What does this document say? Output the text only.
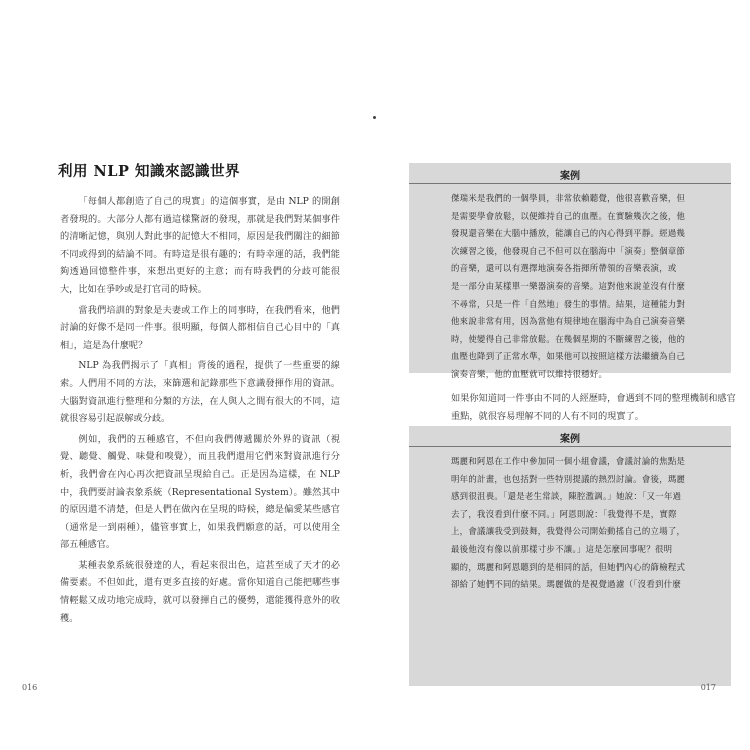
利用 NLP 知識來認識世界

「每個人都創造了自己的現實」的這個事實，是由 NLP 的開創者發現的。大部分人都有過這樣驚訝的發現，那就是我們對某個事件的清晰記憶，與別人對此事的記憶大不相同，原因是我們關注的細節不同或得到的結論不同。有時這是很有趣的；有時幸運的話，我們能夠透過回憶整件事，來想出更好的主意；而有時我們的分歧可能很大，比如在爭吵或是打官司的時候。

當我們培訓的對象是夫妻或工作上的同事時，在我們看來，他們討論的好像不是同一件事。很明顯，每個人都相信自己心目中的「真相」，這是為什麼呢？

NLP 為我們揭示了「真相」背後的過程，提供了一些重要的線索。人們用不同的方法，來篩選和記錄那些下意識發揮作用的資訊。大腦對資訊進行整理和分類的方法，在人與人之間有很大的不同，這就很容易引起誤解或分歧。

例如，我們的五種感官，不但向我們傳遞關於外界的資訊（視覺、聽覺、觸覺、味覺和嗅覺），而且我們還用它們來對資訊進行分析，我們會在內心再次把資訊呈現給自己。正是因為這樣，在 NLP 中，我們要討論表象系統（Representational System）。雖然其中的原因還不清楚，但是人們在做內在呈現的時候，總是偏愛某些感官（通常是一到兩種），儘管事實上，如果我們願意的話，可以使用全部五種感官。

某種表象系統很發達的人，看起來很出色，這甚至成了天才的必備要素。不但如此，還有更多直接的好處。當你知道自己能把哪些事情輕鬆又成功地完成時，就可以發揮自己的優勢，還能獲得意外的收穫。

016
案例
傑瑞米是我們的一個學員，非常依賴聽覺，他很喜歡音樂，但
是需要學會放鬆，以便維持自己的血壓。在實驗幾次之後，他
發現還音樂在大腦中播放，能讓自己的內心得到平靜。經過幾
次練習之後，他發現自己不但可以在腦海中「演奏」整個章節
的音樂，還可以有選擇地演奏各指揮所帶領的音樂表演，或
是一部分由某樣單一樂器演奏的音樂。這對他來說並沒有什麼
不尋常，只是一件「自然地」發生的事情。結果，這種能力對
他來說非常有用，因為當他有規律地在腦海中為自己演奏音樂
時，使變得自己非常放鬆。在幾個星期的不斷練習之後，他的
血壓也降到了正常水準，如果他可以按照這樣方法繼續為自己
演奏音樂，他的血壓就可以維持很穩好。

如果你知道同一件事由不同的人經歷時，會遇到不同的整理機制和感官重點，就很容易理解不同的人有不同的現實了。

案例
瑪麗和阿恩在工作中參加同一個小組會議，會議討論的焦點是
明年的計畫，也包括對一些特別提議的熱烈討論。會後，瑪麗
感到很沮喪。「還是老生常談，陳腔濫調。」她說：「又一年過
去了，我沒看到什麼不同。」阿恩則說：「我覺得不是，實際
上，會議讓我受到鼓舞，我覺得公司開始動搖自己的立場了，
最後他沒有像以前那樣寸步不讓。」這是怎麼回事呢？很明
顯的，瑪麗和阿恩聽到的是相同的話，但她們內心的篩檢程式
卻給了她們不同的結果。瑪麗做的是視覺過濾（「沒看到什麼
017
